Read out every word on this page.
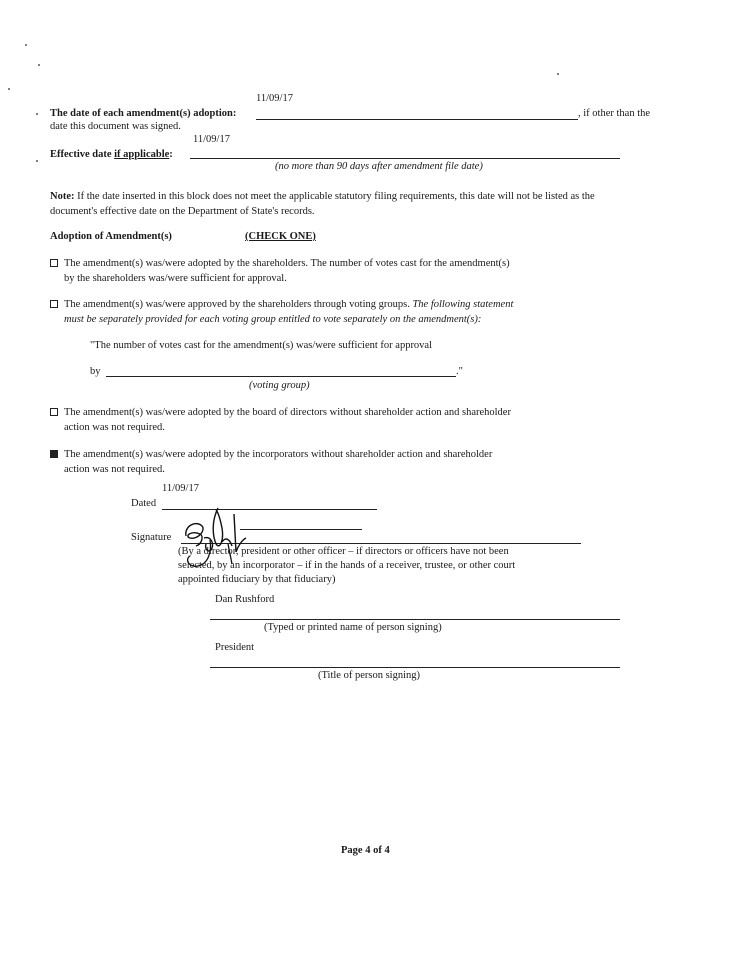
11/09/17
The date of each amendment(s) adoption:	, if other than the
date this document was signed.
11/09/17
Effective date if applicable:
(no more than 90 days after amendment file date)
Note: If the date inserted in this block does not meet the applicable statutory filing requirements, this date will not be listed as the
document's effective date on the Department of State's records.
Adoption of Amendment(s)	(CHECK ONE)
The amendment(s) was/were adopted by the shareholders. The number of votes cast for the amendment(s)
by the shareholders was/were sufficient for approval.
The amendment(s) was/were approved by the shareholders through voting groups. The following statement
must be separately provided for each voting group entitled to vote separately on the amendment(s):
"The number of votes cast for the amendment(s) was/were sufficient for approval
by	."
(voting group)
The amendment(s) was/were adopted by the board of directors without shareholder action and shareholder
action was not required.
The amendment(s) was/were adopted by the incorporators without shareholder action and shareholder
action was not required.
11/09/17
Dated
Signature
(By a director, president or other officer – if directors or officers have not been
selected, by an incorporator – if in the hands of a receiver, trustee, or other court
appointed fiduciary by that fiduciary)
Dan Rushford
(Typed or printed name of person signing)
President
(Title of person signing)
Page 4 of 4
